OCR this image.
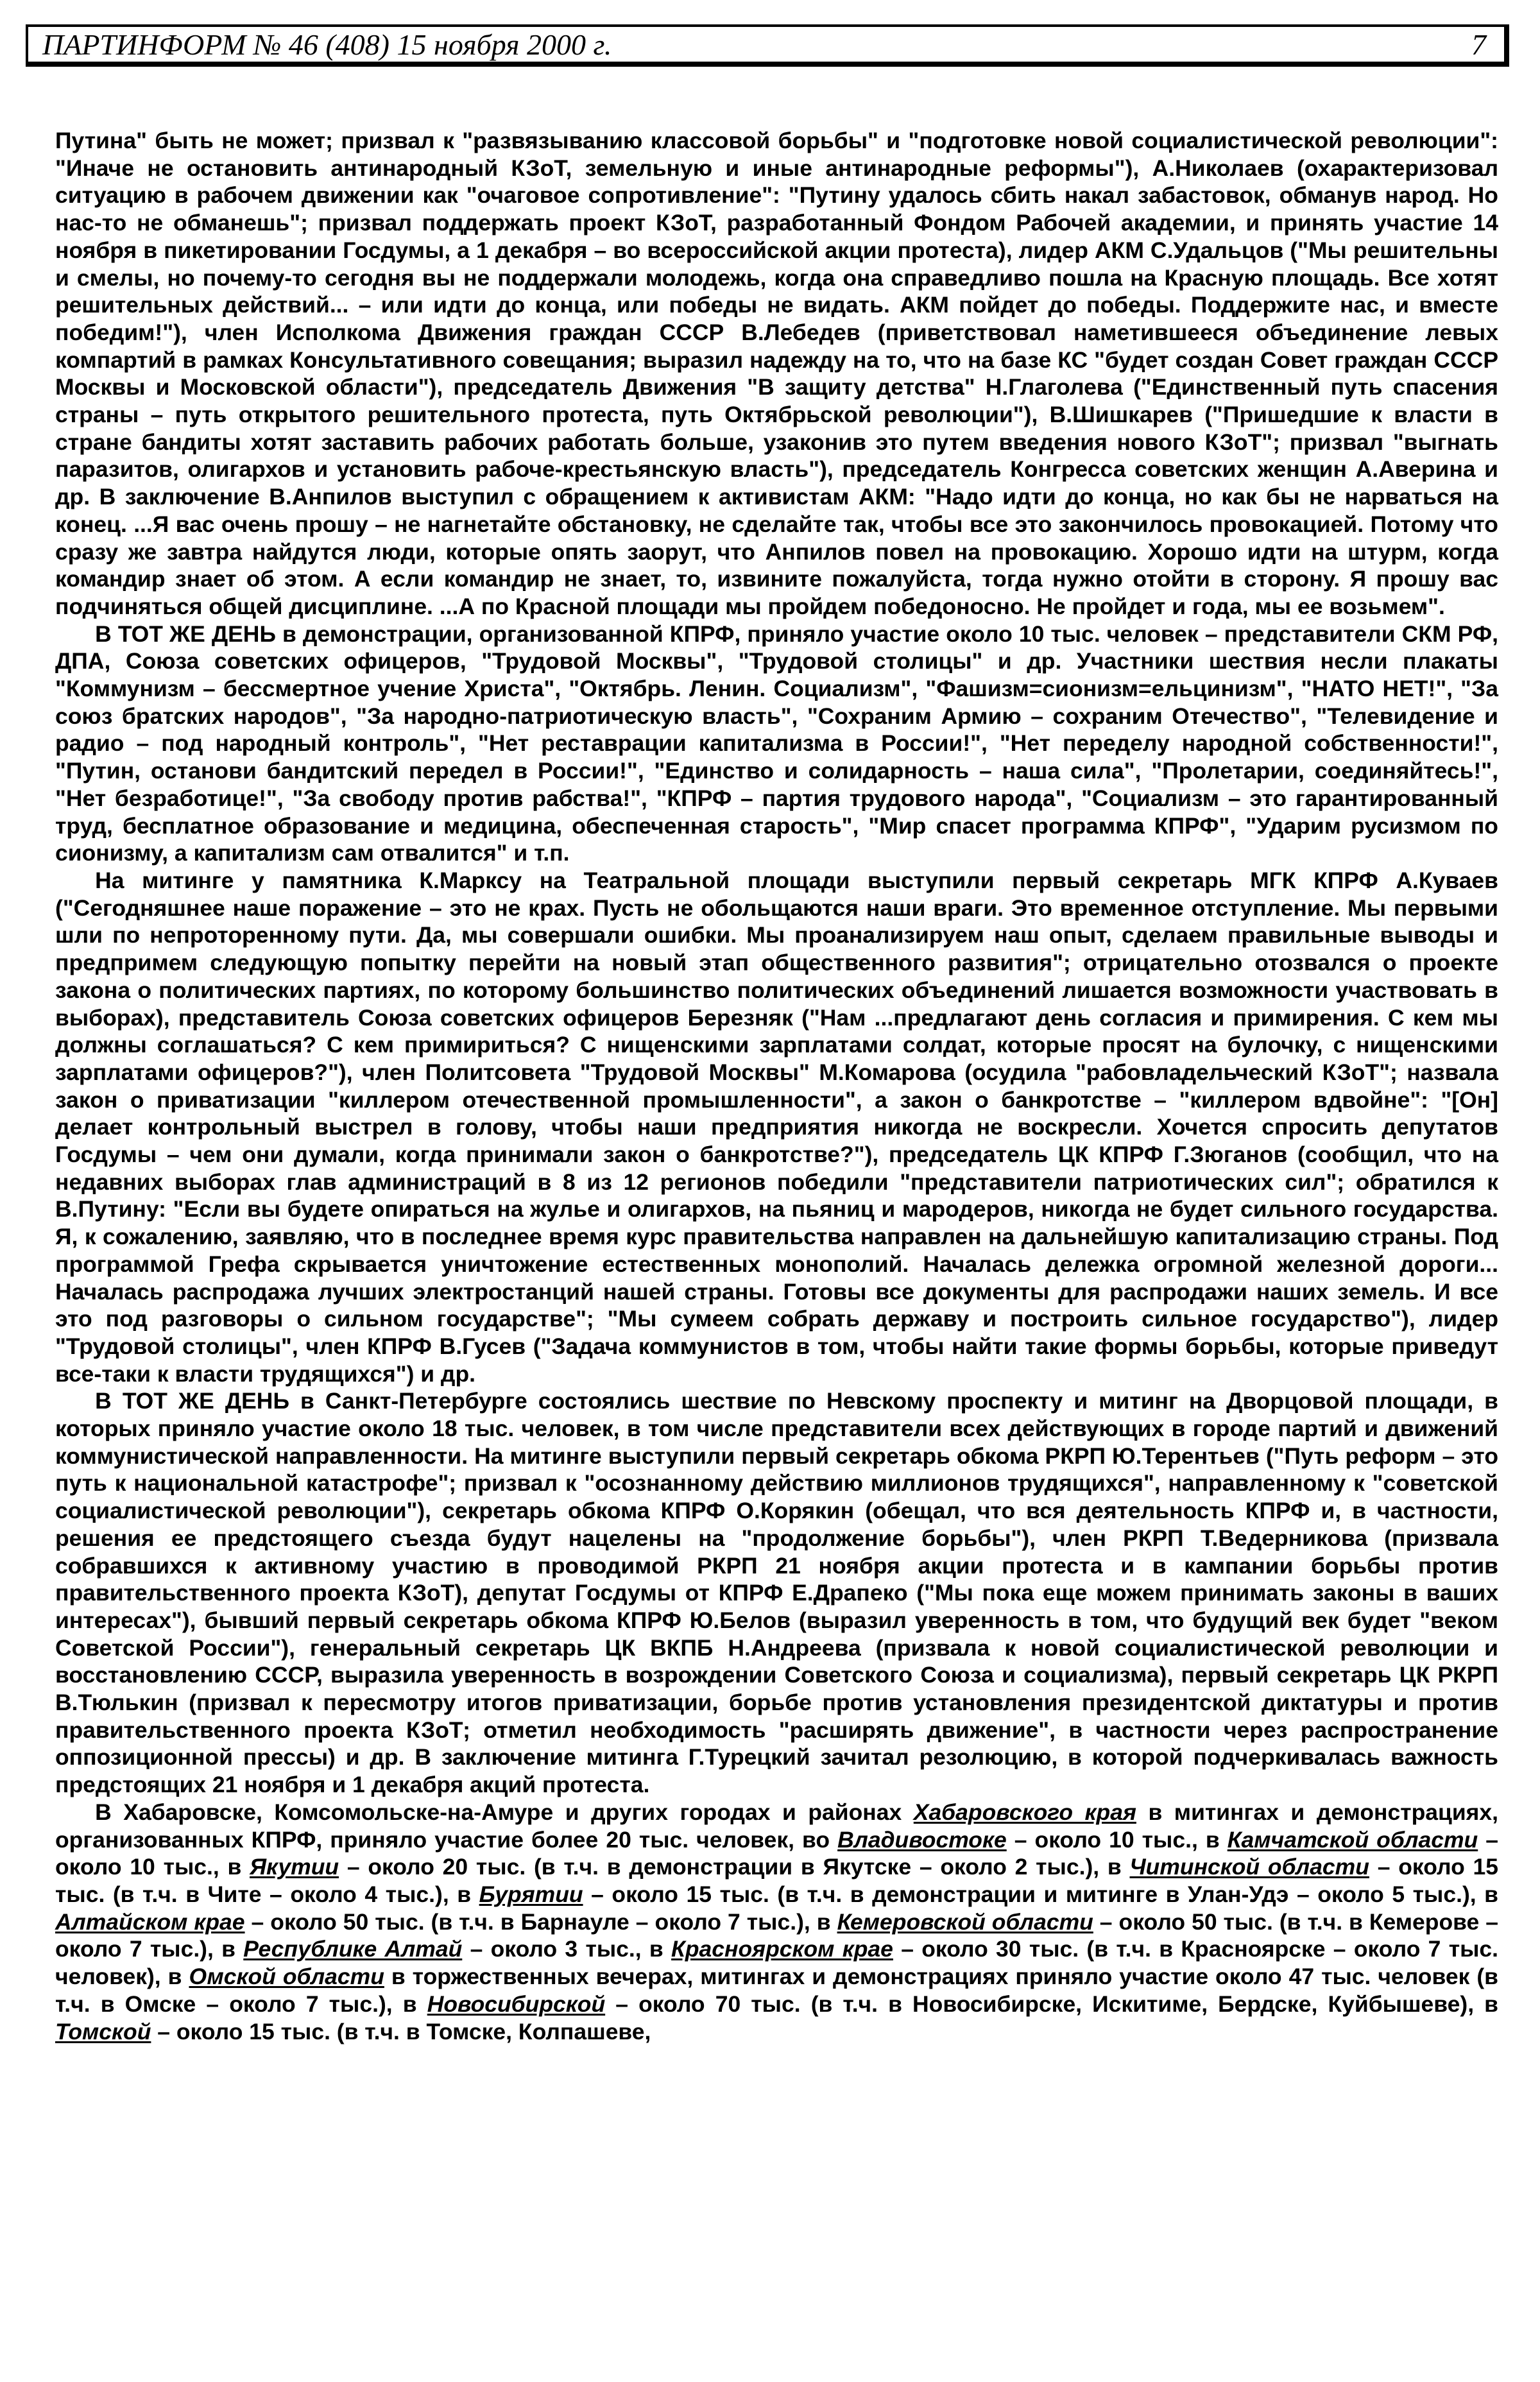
ПАРТИНФОРМ № 46 (408) 15 ноября 2000 г.	7

Путина" быть не может; призвал к "развязыванию классовой борьбы" и "подготовке новой социалистической революции": "Иначе не остановить антинародный КЗоТ, земельную и иные антинародные реформы"), А.Николаев (охарактеризовал ситуацию в рабочем движении как "очаговое сопротивление": "Путину удалось сбить накал забастовок, обманув народ. Но нас-то не обманешь"; призвал поддержать проект КЗоТ, разработанный Фондом Рабочей академии, и принять участие 14 ноября в пикетировании Госдумы, а 1 декабря – во всероссийской акции протеста), лидер АКМ С.Удальцов ("Мы решительны и смелы, но почему-то сегодня вы не поддержали молодежь, когда она справедливо пошла на Красную площадь. Все хотят решительных действий... – или идти до конца, или победы не видать. АКМ пойдет до победы. Поддержите нас, и вместе победим!"), член Исполкома Движения граждан СССР В.Лебедев (приветствовал наметившееся объединение левых компартий в рамках Консультативного совещания; выразил надежду на то, что на базе КС "будет создан Совет граждан СССР Москвы и Московской области"), председатель Движения "В защиту детства" Н.Глаголева ("Единственный путь спасения страны – путь открытого решительного протеста, путь Октябрьской революции"), В.Шишкарев ("Пришедшие к власти в стране бандиты хотят заставить рабочих работать больше, узаконив это путем введения нового КЗоТ"; призвал "выгнать паразитов, олигархов и установить рабоче-крестьянскую власть"), председатель Конгресса советских женщин А.Аверина и др. В заключение В.Анпилов выступил с обращением к активистам АКМ: "Надо идти до конца, но как бы не нарваться на конец. ...Я вас очень прошу – не нагнетайте обстановку, не сделайте так, чтобы все это закончилось провокацией. Потому что сразу же завтра найдутся люди, которые опять заорут, что Анпилов повел на провокацию. Хорошо идти на штурм, когда командир знает об этом. А если командир не знает, то, извините пожалуйста, тогда нужно отойти в сторону. Я прошу вас подчиняться общей дисциплине. ...А по Красной площади мы пройдем победоносно. Не пройдет и года, мы ее возьмем".

В ТОТ ЖЕ ДЕНЬ в демонстрации, организованной КПРФ, приняло участие около 10 тыс. человек – представители СКМ РФ, ДПА, Союза советских офицеров, "Трудовой Москвы", "Трудовой столицы" и др. Участники шествия несли плакаты "Коммунизм – бессмертное учение Христа", "Октябрь. Ленин. Социализм", "Фашизм=сионизм=ельцинизм", "НАТО НЕТ!", "За союз братских народов", "За народно-патриотическую власть", "Сохраним Армию – сохраним Отечество", "Телевидение и радио – под народный контроль", "Нет реставрации капитализма в России!", "Нет переделу народной собственности!", "Путин, останови бандитский передел в России!", "Единство и солидарность – наша сила", "Пролетарии, соединяйтесь!", "Нет безработице!", "За свободу против рабства!", "КПРФ – партия трудового народа", "Социализм – это гарантированный труд, бесплатное образование и медицина, обеспеченная старость", "Мир спасет программа КПРФ", "Ударим русизмом по сионизму, а капитализм сам отвалится" и т.п.

На митинге у памятника К.Марксу на Театральной площади выступили первый секретарь МГК КПРФ А.Куваев ("Сегодняшнее наше поражение – это не крах. Пусть не обольщаются наши враги. Это временное отступление. Мы первыми шли по непротоpенному пути. Да, мы совершали ошибки. Мы проанализируем наш опыт, сделаем правильные выводы и предпримем следующую попытку перейти на новый этап общественного развития"; отрицательно отозвался о проекте закона о политических партиях, по которому большинство политических объединений лишается возможности участвовать в выборах), представитель Союза советских офицеров Березняк ("Нам ...предлагают день согласия и примирения. С кем мы должны соглашаться? С кем примириться? С нищенскими зарплатами солдат, которые просят на булочку, с нищенскими зарплатами офицеров?"), член Политсовета "Трудовой Москвы" М.Комарова (осудила "рабовладельческий КЗоТ"; назвала закон о приватизации "киллером отечественной промышленности", а закон о банкротстве – "киллером вдвойне": "[Он] делает контрольный выстрел в голову, чтобы наши предприятия никогда не воскресли. Хочется спросить депутатов Госдумы – чем они думали, когда принимали закон о банкротстве?"), председатель ЦК КПРФ Г.Зюганов (сообщил, что на недавних выборах глав администраций в 8 из 12 регионов победили "представители патриотических сил"; обратился к В.Путину: "Если вы будете опираться на жулье и олигархов, на пьяниц и мародеров, никогда не будет сильного государства. Я, к сожалению, заявляю, что в последнее время курс правительства направлен на дальнейшую капитализацию страны. Под программой Грефа скрывается уничтожение естественных монополий. Началась дележка огромной железной дороги... Началась распродажа лучших электростанций нашей страны. Готовы все документы для распродажи наших земель. И все это под разговоры о сильном государстве"; "Мы сумеем собрать державу и построить сильное государство"), лидер "Трудовой столицы", член КПРФ В.Гусев ("Задача коммунистов в том, чтобы найти такие формы борьбы, которые приведут все-таки к власти трудящихся") и др.

В ТОТ ЖЕ ДЕНЬ в Санкт-Петербурге состоялись шествие по Невскому проспекту и митинг на Дворцовой площади, в которых приняло участие около 18 тыс. человек, в том числе представители всех действующих в городе партий и движений коммунистической направленности. На митинге выступили первый секретарь обкома РКРП Ю.Терентьев ("Путь реформ – это путь к национальной катастрофе"; призвал к "осознанному действию миллионов трудящихся", направленному к "советской социалистической революции"), секретарь обкома КПРФ О.Корякин (обещал, что вся деятельность КПРФ и, в частности, решения ее предстоящего съезда будут нацелены на "продолжение борьбы"), член РКРП Т.Ведерникова (призвала собравшихся к активному участию в проводимой РКРП 21 ноября акции протеста и в кампании борьбы против правительственного проекта КЗоТ), депутат Госдумы от КПРФ Е.Драпеко ("Мы пока еще можем принимать законы в ваших интересах"), бывший первый секретарь обкома КПРФ Ю.Белов (выразил уверенность в том, что будущий век будет "веком Советской России"), генеральный секретарь ЦК ВКПБ Н.Андреева (призвала к новой социалистической революции и восстановлению СССР, выразила уверенность в возрождении Советского Союза и социализма), первый секретарь ЦК РКРП В.Тюлькин (призвал к пересмотру итогов приватизации, борьбе против установления президентской диктатуры и против правительственного проекта КЗоТ; отметил необходимость "расширять движение", в частности через распространение оппозиционной прессы) и др. В заключение митинга Г.Турецкий зачитал резолюцию, в которой подчеркивалась важность предстоящих 21 ноября и 1 декабря акций протеста.

В Хабаровске, Комсомольске-на-Амуре и других городах и районах Хабаровского края в митингах и демонстрациях, организованных КПРФ, приняло участие более 20 тыс. человек, во Владивостоке – около 10 тыс., в Камчатской области – около 10 тыс., в Якутии – около 20 тыс. (в т.ч. в демонстрации в Якутске – около 2 тыс.), в Читинской области – около 15 тыс. (в т.ч. в Чите – около 4 тыс.), в Бурятии – около 15 тыс. (в т.ч. в демонстрации и митинге в Улан-Удэ – около 5 тыс.), в Алтайском крае – около 50 тыс. (в т.ч. в Барнауле – около 7 тыс.), в Кемеровской области – около 50 тыс. (в т.ч. в Кемерове – около 7 тыс.), в Республике Алтай – около 3 тыс., в Красноярском крае – около 30 тыс. (в т.ч. в Красноярске – около 7 тыс. человек), в Омской области в торжественных вечерах, митингах и демонстрациях приняло участие около 47 тыс. человек (в т.ч. в Омске – около 7 тыс.), в Новосибирской – около 70 тыс. (в т.ч. в Новосибирске, Искитиме, Бердске, Куйбышеве), в Томской – около 15 тыс. (в т.ч. в Томске, Колпашеве,
